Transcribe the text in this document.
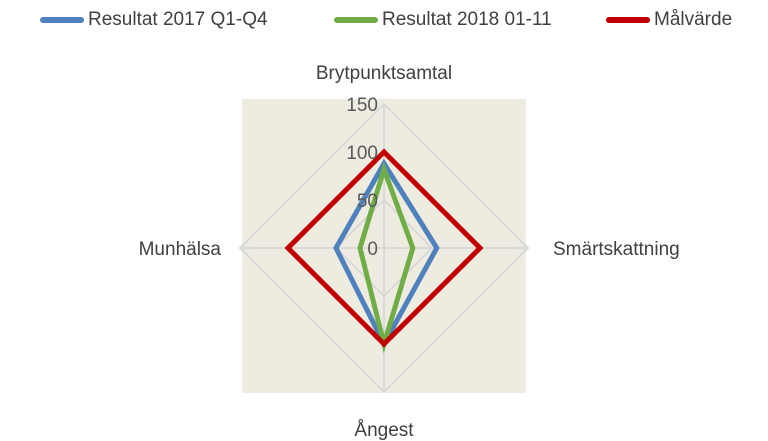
Resultat 2017 Q1-Q4	Resultat 2018 01-11	Målvärde
0
50
100
150
Brytpunktsamtal
Smärtskattning
Ångest
Munhälsa
